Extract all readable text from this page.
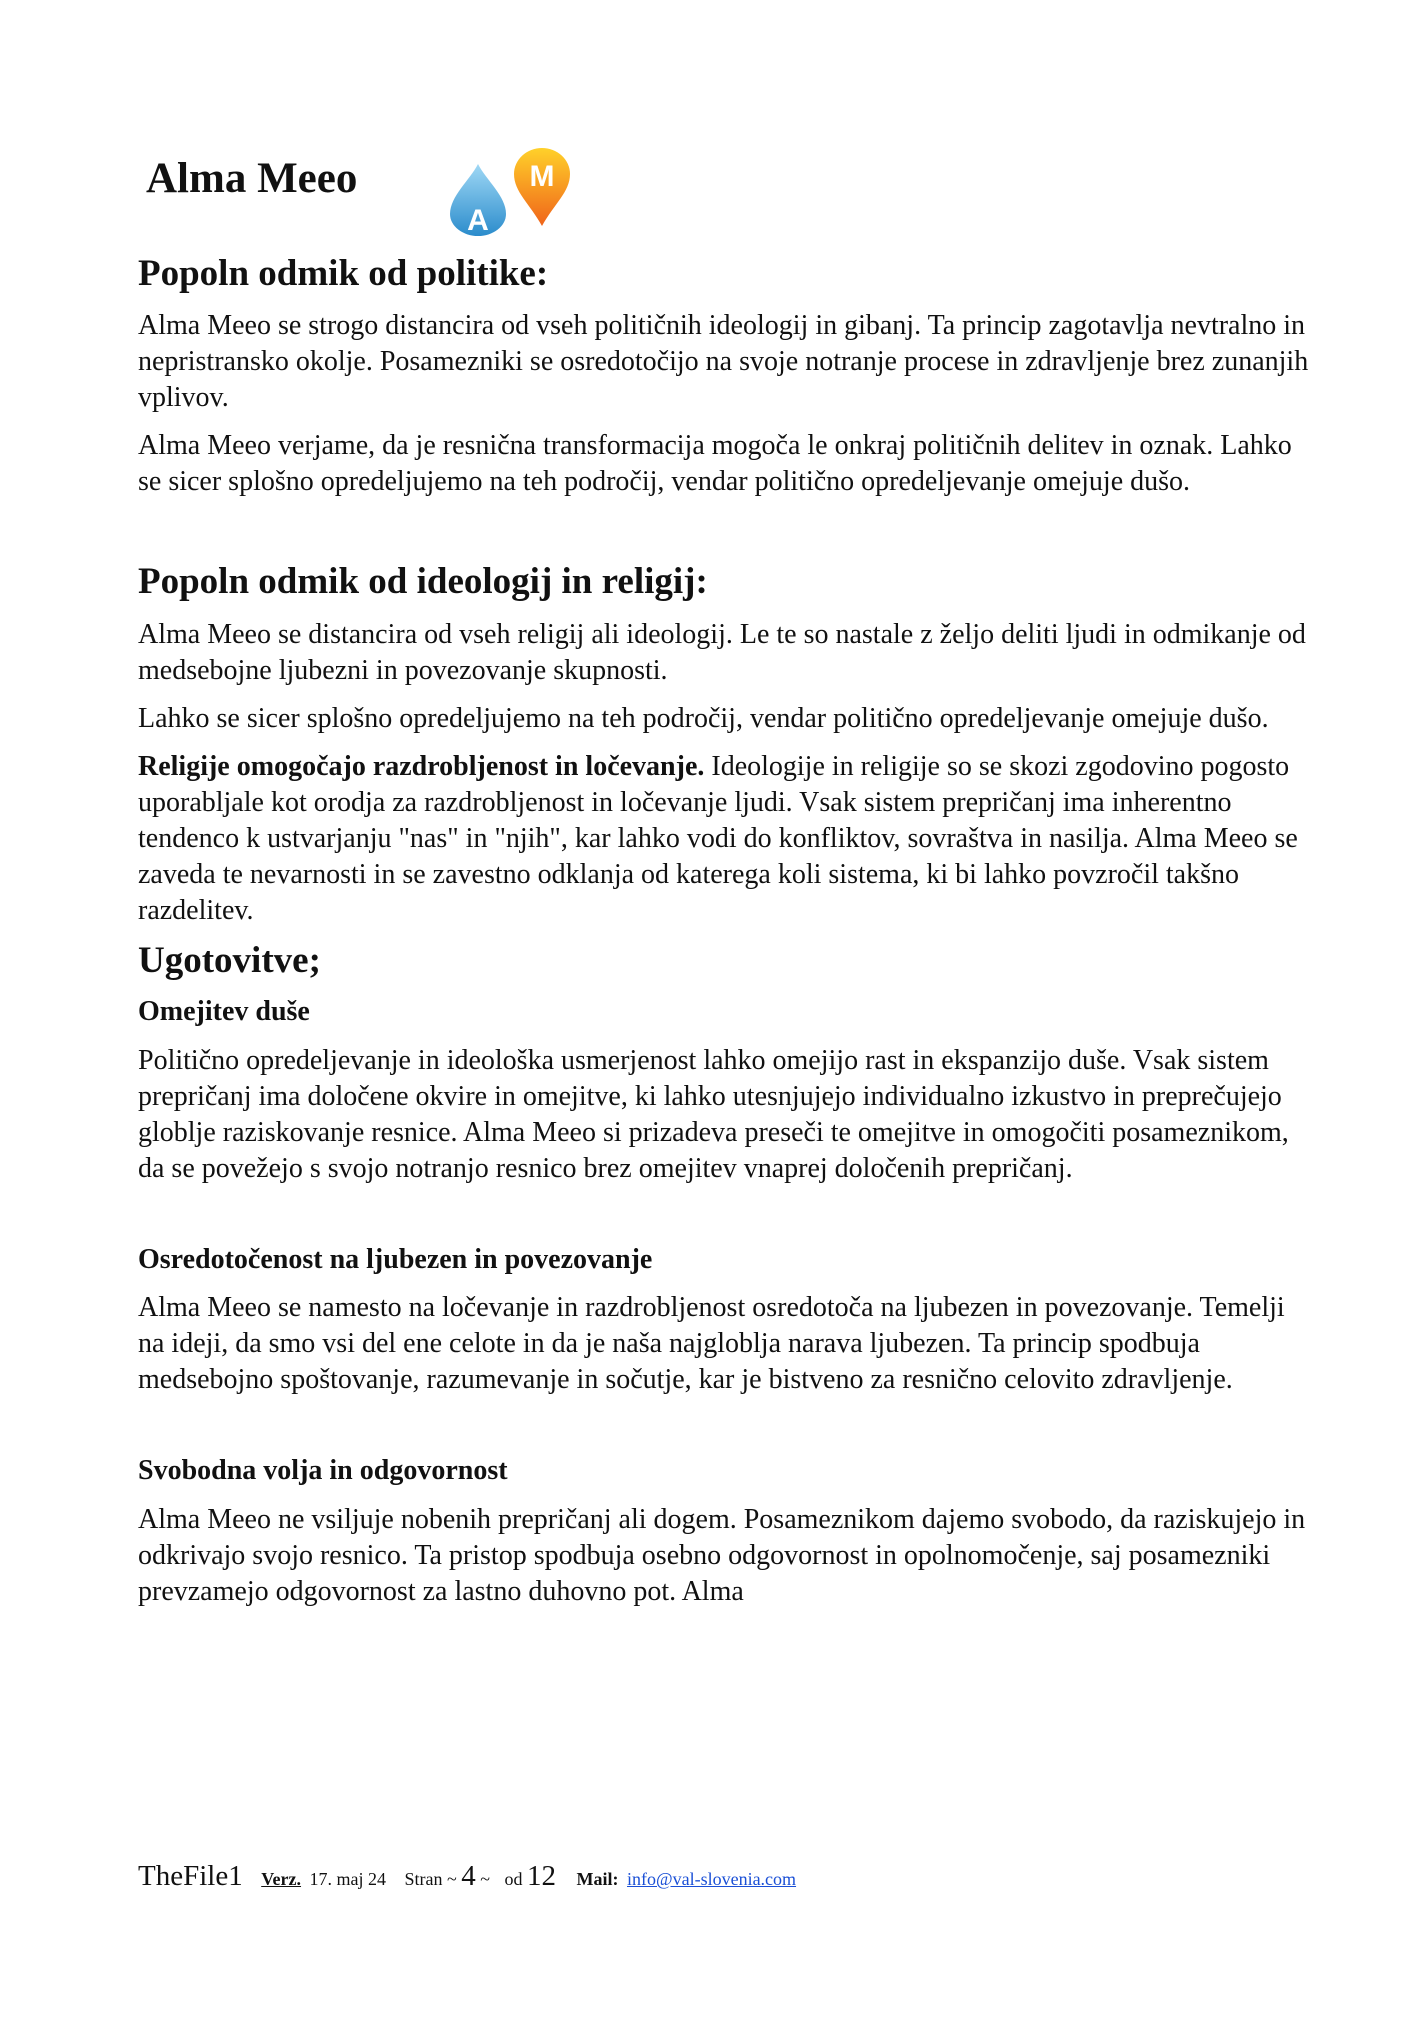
Alma Meeo
A
M
Popoln odmik od politike:

Alma Meeo se strogo distancira od vseh političnih ideologij in gibanj. Ta princip zagotavlja nevtralno in nepristransko okolje. Posamezniki se osredotočijo na svoje notranje procese in zdravljenje brez zunanjih vplivov.

Alma Meeo verjame, da je resnična transformacija mogoča le onkraj političnih delitev in oznak. Lahko se sicer splošno opredeljujemo na teh področij, vendar politično opredeljevanje omejuje dušo.

Popoln odmik od ideologij in religij:

Alma Meeo se distancira od vseh religij ali ideologij. Le te so nastale z željo deliti ljudi in odmikanje od medsebojne ljubezni in povezovanje skupnosti.

Lahko se sicer splošno opredeljujemo na teh področij, vendar politično opredeljevanje omejuje dušo.

Religije omogočajo razdrobljenost in ločevanje. Ideologije in religije so se skozi zgodovino pogosto uporabljale kot orodja za razdrobljenost in ločevanje ljudi. Vsak sistem prepričanj ima inherentno tendenco k ustvarjanju "nas" in "njih", kar lahko vodi do konfliktov, sovraštva in nasilja. Alma Meeo se zaveda te nevarnosti in se zavestno odklanja od katerega koli sistema, ki bi lahko povzročil takšno razdelitev.

Ugotovitve;
Omejitev duše

Politično opredeljevanje in ideološka usmerjenost lahko omejijo rast in ekspanzijo duše. Vsak sistem prepričanj ima določene okvire in omejitve, ki lahko utesnjujejo individualno izkustvo in preprečujejo globlje raziskovanje resnice. Alma Meeo si prizadeva preseči te omejitve in omogočiti posameznikom, da se povežejo s svojo notranjo resnico brez omejitev vnaprej določenih prepričanj.

Osredotočenost na ljubezen in povezovanje

Alma Meeo se namesto na ločevanje in razdrobljenost osredotoča na ljubezen in povezovanje. Temelji na ideji, da smo vsi del ene celote in da je naša najgloblja narava ljubezen. Ta princip spodbuja medsebojno spoštovanje, razumevanje in sočutje, kar je bistveno za resnično celovito zdravljenje.

Svobodna volja in odgovornost

Alma Meeo ne vsiljuje nobenih prepričanj ali dogem. Posameznikom dajemo svobodo, da raziskujejo in odkrivajo svojo resnico. Ta pristop spodbuja osebno odgovornost in opolnomočenje, saj posamezniki prevzamejo odgovornost za lastno duhovno pot. Alma

TheFile1 Verz. 17. maj 24 Stran ~ 4 ~ od 12 Mail: info@val-slovenia.com
